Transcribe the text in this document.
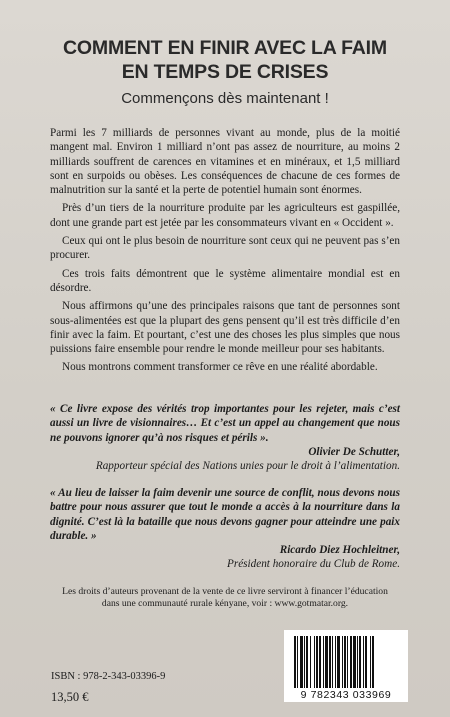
COMMENT EN FINIR AVEC LA FAIM
EN TEMPS DE CRISES
Commençons dès maintenant !

Parmi les 7 milliards de personnes vivant au monde, plus de la moitié mangent mal. Environ 1 milliard n’ont pas assez de nourriture, au moins 2 milliards souffrent de carences en vitamines et en minéraux, et 1,5 milliard sont en surpoids ou obèses. Les conséquences de chacune de ces formes de malnutrition sur la santé et la perte de potentiel humain sont énormes.

Près d’un tiers de la nourriture produite par les agriculteurs est gaspillée, dont une grande part est jetée par les consommateurs vivant en « Occident ».

Ceux qui ont le plus besoin de nourriture sont ceux qui ne peuvent pas s’en procurer.

Ces trois faits démontrent que le système alimentaire mondial est en désordre.

Nous affirmons qu’une des principales raisons que tant de personnes sont sous-alimentées est que la plupart des gens pensent qu’il est très difficile d’en finir avec la faim. Et pourtant, c’est une des choses les plus simples que nous puissions faire ensemble pour rendre le monde meilleur pour ses habitants.

Nous montrons comment transformer ce rêve en une réalité abordable.

« Ce livre expose des vérités trop importantes pour les rejeter, mais c’est aussi un livre de visionnaires… Et c’est un appel au changement que nous ne pouvons ignorer qu’à nos risques et périls ».

Olivier De Schutter,

Rapporteur spécial des Nations unies pour le droit à l’alimentation.

« Au lieu de laisser la faim devenir une source de conflit, nous devons nous battre pour nous assurer que tout le monde a accès à la nourriture dans la dignité. C’est là la bataille que nous devons gagner pour atteindre une paix durable. »

Ricardo Diez Hochleitner,

Président honoraire du Club de Rome.

Les droits d’auteurs provenant de la vente de ce livre serviront à financer l’éducation dans une communauté rurale kényane, voir : www.gotmatar.org.
ISBN : 978-2-343-03396-9
13,50 €	9 782343 033969
